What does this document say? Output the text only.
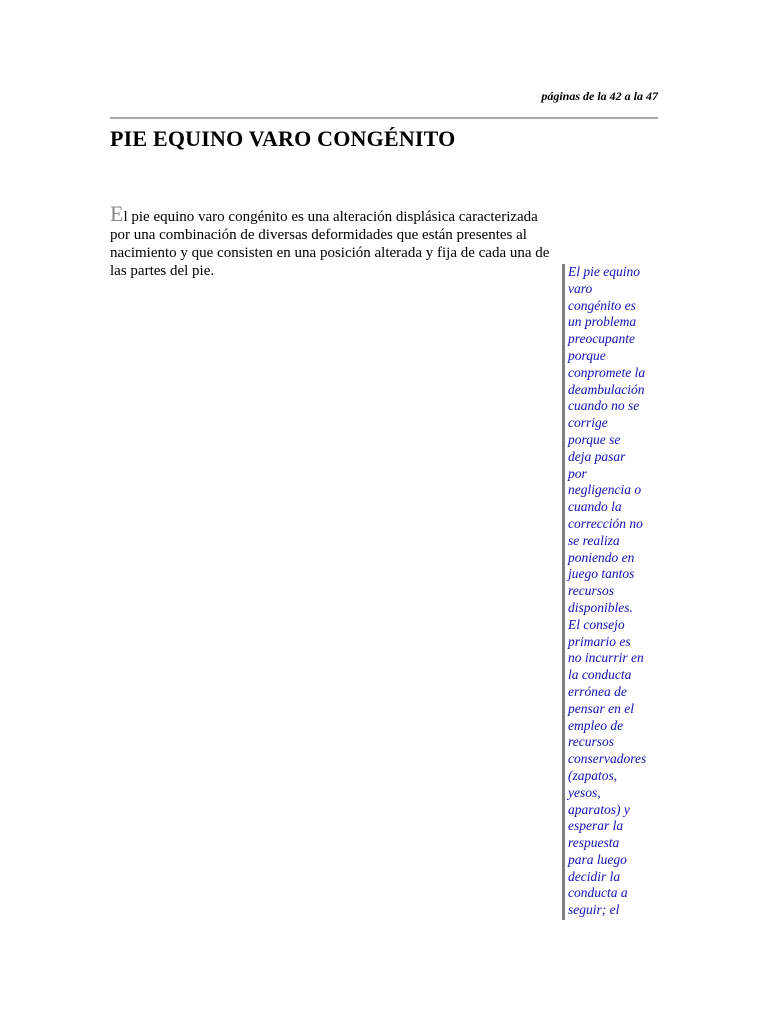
páginas de la 42 a la 47
PIE EQUINO VARO CONGÉNITO

El pie equino varo congénito es una alteración displásica caracterizada por una combinación de diversas deformidades que están presentes al nacimiento y que consisten en una posición alterada y fija de cada una de las partes del pie.	El pie equino
varo
congénito es
un problema
preocupante
porque
conpromete la
deambulación
cuando no se
corrige
porque se
deja pasar
por
negligencia o
cuando la
corrección no
se realiza
poniendo en
juego tantos
recursos
disponibles.
El consejo
primario es
no incurrir en
la conducta
errónea de
pensar en el
empleo de
recursos
conservadores
(zapatos,
yesos,
aparatos) y
esperar la
respuesta
para luego
decidir la
conducta a
seguir; el
